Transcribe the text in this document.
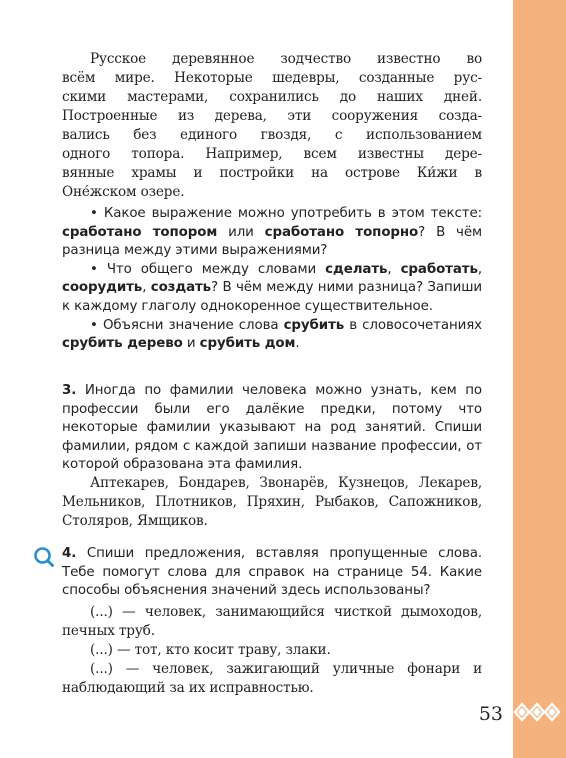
Русское деревянное зодчество известно во
всём мире. Некоторые шедевры, созданные рус-
скими мастерами, сохранились до наших дней.
Построенные из дерева, эти сооружения созда-
вались без единого гвоздя, с использованием
одного топора. Например, всем известны дере-
вянные храмы и постройки на острове Ки́жи в
Оне́жском озере.

• Какое выражение можно употребить в этом тексте: сработано топором или сработано топорно? В чём разница между этими выражениями?

• Что общего между словами сделать, сработать, соорудить, создать? В чём между ними разница? Запиши к каждому глаголу однокоренное существительное.

• Объясни значение слова срубить в словосочетаниях срубить дерево и срубить дом.

3. Иногда по фамилии человека можно узнать, кем по профессии были его далёкие предки, потому что некоторые фамилии указывают на род занятий. Спиши фамилии, рядом с каждой запиши название профессии, от которой образована эта фамилия.

Аптекарев, Бондарев, Звонарёв, Кузнецов, Лекарев, Мельников, Плотников, Пряхин, Рыбаков, Сапожников, Столяров, Ямщиков.

4. Спиши предложения, вставляя пропущенные слова. Тебе помогут слова для справок на странице 54. Какие способы объяснения значений здесь использованы?

(...) — человек, занимающийся чисткой дымоходов, печных труб.

(...) — тот, кто косит траву, злаки.

(...) — человек, зажигающий уличные фонари и наблюдающий за их исправностью.

53
